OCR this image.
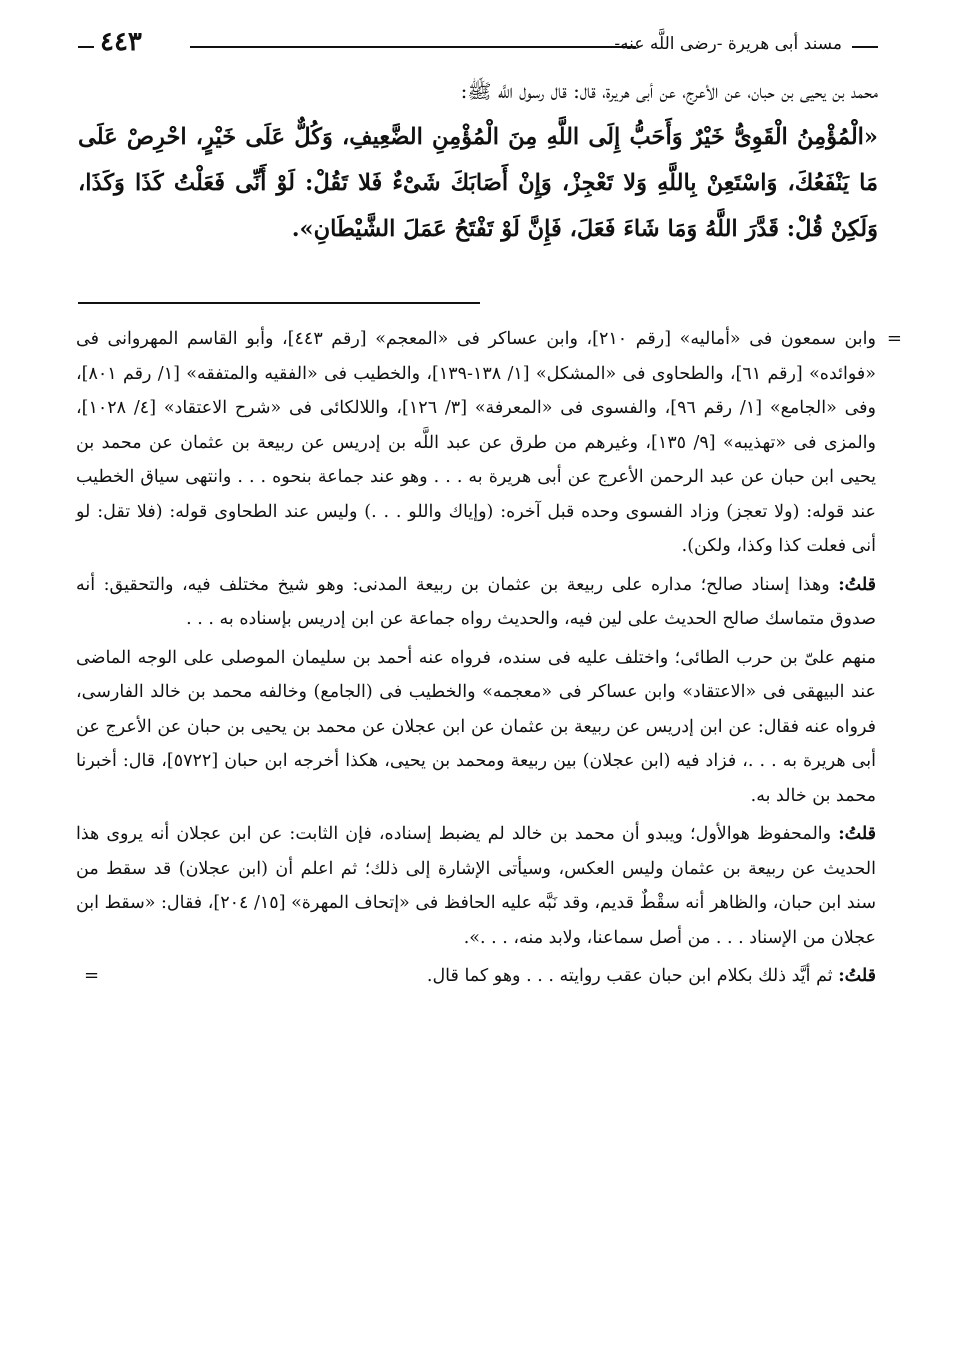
مسند أبى هريرة -رضى اللَّه عنه-
٤٤٣

محمد بن يحيى بن حبان، عن الأعرج، عن أبى هريرة، قال: قال رسول اللَّه ﷺ:

«الْمُؤْمِنُ الْقَوِىُّ خَيْرٌ وَأَحَبُّ إِلَى اللَّهِ مِنَ الْمُؤْمِنِ الضَّعِيفِ، وَكُلٌّ عَلَى خَيْرٍ، احْرِصْ عَلَى مَا يَنْفَعُكَ، وَاسْتَعِنْ بِاللَّهِ وَلا تَعْجِزْ، وَإِنْ أَصَابَكَ شَىْءٌ فَلا تَقُلْ: لَوْ أَنِّى فَعَلْتُ كَذَا وَكَذَا، وَلَكِنْ قُلْ: قَدَّرَ اللَّهُ وَمَا شَاءَ فَعَلَ، فَإِنَّ لَوْ تَفْتَحُ عَمَلَ الشَّيْطَانِ».

=

وابن سمعون فى «أماليه» [رقم ٢١٠]، وابن عساكر فى «المعجم» [رقم ٤٤٣]، وأبو القاسم المهروانى فى «فوائده» [رقم ٦١]، والطحاوى فى «المشكل» [١/ ١٣٨-١٣٩]، والخطيب فى «الفقيه والمتفقه» [١/ رقم ٨٠١]، وفى «الجامع» [١/ رقم ٩٦]، والفسوى فى «المعرفة» [٣/ ١٢٦]، واللالكائى فى «شرح الاعتقاد» [٤/ ١٠٢٨]، والمزى فى «تهذيبه» [٩/ ١٣٥]، وغيرهم من طرق عن عبد اللَّه بن إدريس عن ربيعة بن عثمان عن محمد بن يحيى ابن حبان عن عبد الرحمن الأعرج عن أبى هريرة به . . . وهو عند جماعة بنحوه . . . وانتهى سياق الخطيب عند قوله: (ولا تعجز) وزاد الفسوى وحده قبل آخره: (وإياك واللو . . .) وليس عند الطحاوى قوله: (فلا تقل: لو أنى فعلت كذا وكذا، ولكن).

قلتُ: وهذا إسناد صالح؛ مداره على ربيعة بن عثمان بن ربيعة المدنى: وهو شيخ مختلف فيه، والتحقيق: أنه صدوق متماسك صالح الحديث على لين فيه، والحديث رواه جماعة عن ابن إدريس بإسناده به . . .

منهم علىّ بن حرب الطائى؛ واختلف عليه فى سنده، فرواه عنه أحمد بن سليمان الموصلى على الوجه الماضى عند البيهقى فى «الاعتقاد» وابن عساكر فى «معجمه» والخطيب فى (الجامع) وخالفه محمد بن خالد الفارسى، فرواه عنه فقال: عن ابن إدريس عن ربيعة بن عثمان عن ابن عجلان عن محمد بن يحيى بن حبان عن الأعرج عن أبى هريرة به . . .، فزاد فيه (ابن عجلان) بين ربيعة ومحمد بن يحيى، هكذا أخرجه ابن حبان [٥٧٢٢]، قال: أخبرنا محمد بن خالد به.

قلتُ: والمحفوظ هوالأول؛ ويبدو أن محمد بن خالد لم يضبط إسناده، فإن الثابت: عن ابن عجلان أنه يروى هذا الحديث عن ربيعة بن عثمان وليس العكس، وسيأتى الإشارة إلى ذلك؛ ثم اعلم أن (ابن عجلان) قد سقط من سند ابن حبان، والظاهر أنه سقْطٌ قديم، وقد نَبَّه عليه الحافظ فى «إتحاف المهرة» [١٥/ ٢٠٤]، فقال: «سقط ابن عجلان من الإسناد . . . من أصل سماعنا، ولابد منه، . . .».

قلتُ: ثم أيَّد ذلك بكلام ابن حبان عقب روايته . . . وهو كما قال.

=
